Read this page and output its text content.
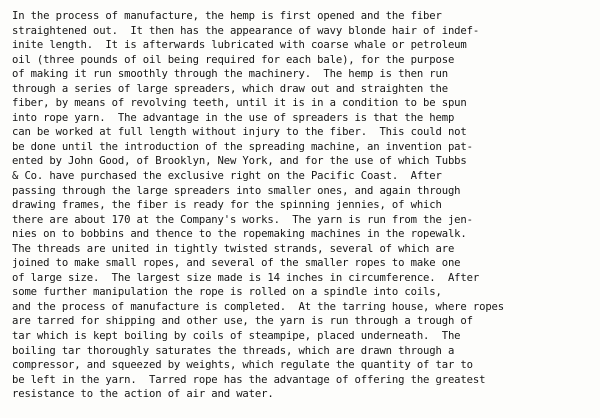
In the process of manufacture, the hemp is first opened and the fiber
straightened out.  It then has the appearance of wavy blonde hair of indef-
inite length.  It is afterwards lubricated with coarse whale or petroleum
oil (three pounds of oil being required for each bale), for the purpose
of making it run smoothly through the machinery.  The hemp is then run
through a series of large spreaders, which draw out and straighten the
fiber, by means of revolving teeth, until it is in a condition to be spun
into rope yarn.  The advantage in the use of spreaders is that the hemp
can be worked at full length without injury to the fiber.  This could not
be done until the introduction of the spreading machine, an invention pat-
ented by John Good, of Brooklyn, New York, and for the use of which Tubbs
& Co. have purchased the exclusive right on the Pacific Coast.  After
passing through the large spreaders into smaller ones, and again through
drawing frames, the fiber is ready for the spinning jennies, of which
there are about 170 at the Company's works.  The yarn is run from the jen-
nies on to bobbins and thence to the ropemaking machines in the ropewalk.
The threads are united in tightly twisted strands, several of which are
joined to make small ropes, and several of the smaller ropes to make one
of large size.  The largest size made is 14 inches in circumference.  After
some further manipulation the rope is rolled on a spindle into coils,
and the process of manufacture is completed.  At the tarring house, where ropes
are tarred for shipping and other use, the yarn is run through a trough of
tar which is kept boiling by coils of steampipe, placed underneath.  The
boiling tar thoroughly saturates the threads, which are drawn through a
compressor, and squeezed by weights, which regulate the quantity of tar to
be left in the yarn.  Tarred rope has the advantage of offering the greatest
resistance to the action of air and water.
